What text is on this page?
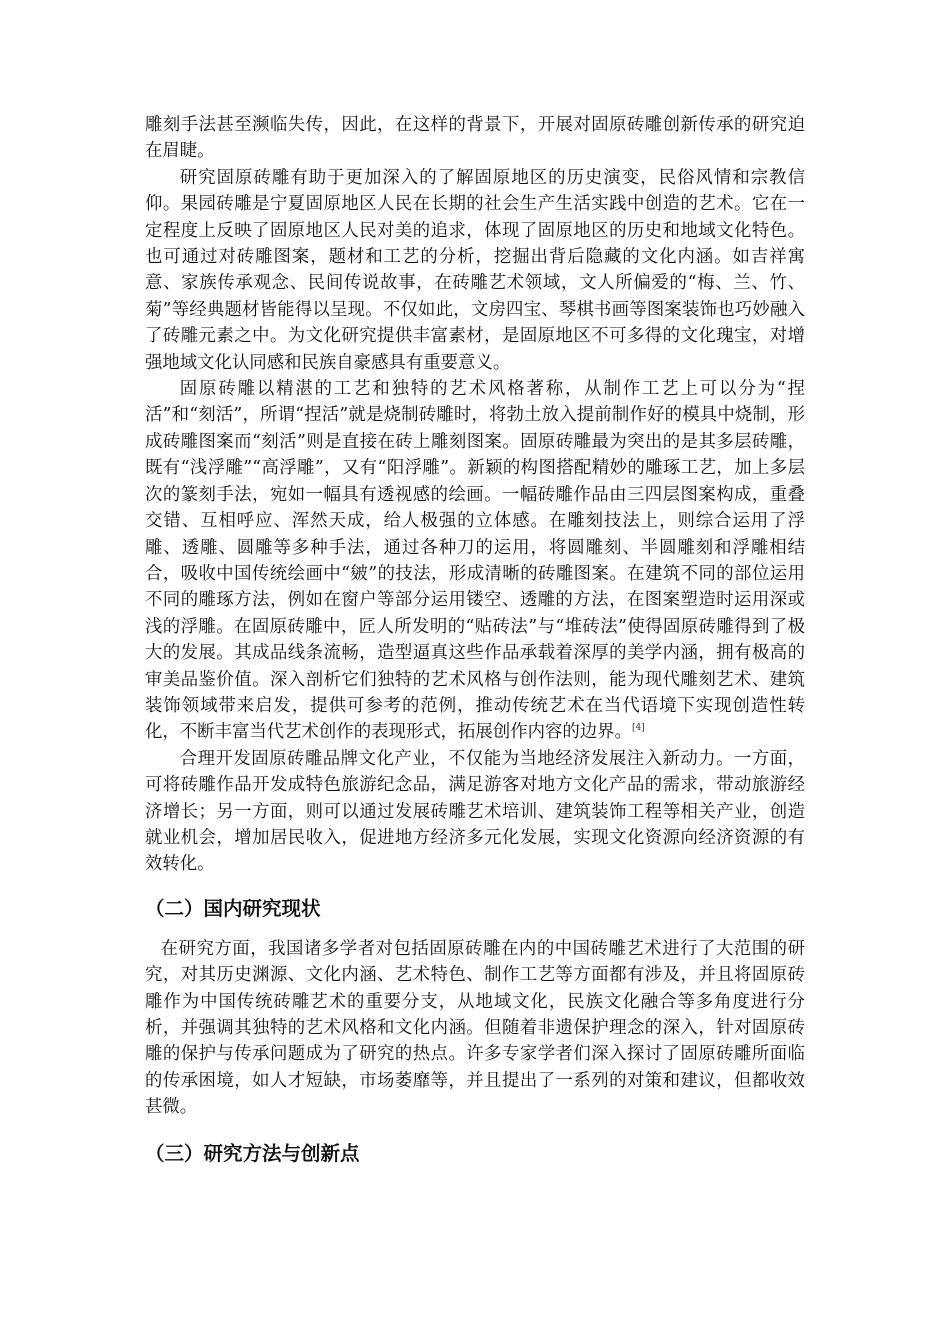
雕刻手法甚至濒临失传，因此，在这样的背景下，开展对固原砖雕创新传承的研究迫在眉睫。

研究固原砖雕有助于更加深入的了解固原地区的历史演变，民俗风情和宗教信仰。果园砖雕是宁夏固原地区人民在长期的社会生产生活实践中创造的艺术。它在一定程度上反映了固原地区人民对美的追求，体现了固原地区的历史和地域文化特色。也可通过对砖雕图案，题材和工艺的分析，挖掘出背后隐藏的文化内涵。如吉祥寓意、家族传承观念、民间传说故事，在砖雕艺术领域，文人所偏爱的“梅、兰、竹、菊”等经典题材皆能得以呈现。不仅如此，文房四宝、琴棋书画等图案装饰也巧妙融入了砖雕元素之中。为文化研究提供丰富素材，是固原地区不可多得的文化瑰宝，对增强地域文化认同感和民族自豪感具有重要意义。

固原砖雕以精湛的工艺和独特的艺术风格著称，从制作工艺上可以分为“捏活”和“刻活”，所谓“捏活”就是烧制砖雕时，将勃土放入提前制作好的模具中烧制，形成砖雕图案而“刻活”则是直接在砖上雕刻图案。固原砖雕最为突出的是其多层砖雕，既有“浅浮雕”“高浮雕”，又有“阳浮雕”。新颖的构图搭配精妙的雕琢工艺，加上多层次的篆刻手法，宛如一幅具有透视感的绘画。一幅砖雕作品由三四层图案构成，重叠交错、互相呼应、浑然天成，给人极强的立体感。在雕刻技法上，则综合运用了浮雕、透雕、圆雕等多种手法，通过各种刀的运用，将圆雕刻、半圆雕刻和浮雕相结合，吸收中国传统绘画中“皴”的技法，形成清晰的砖雕图案。在建筑不同的部位运用不同的雕琢方法，例如在窗户等部分运用镂空、透雕的方法，在图案塑造时运用深或浅的浮雕。在固原砖雕中，匠人所发明的“贴砖法”与“堆砖法”使得固原砖雕得到了极大的发展。其成品线条流畅，造型逼真这些作品承载着深厚的美学内涵，拥有极高的审美品鉴价值。深入剖析它们独特的艺术风格与创作法则，能为现代雕刻艺术、建筑装饰领域带来启发，提供可参考的范例，推动传统艺术在当代语境下实现创造性转化，不断丰富当代艺术创作的表现形式，拓展创作内容的边界。[4]

合理开发固原砖雕品牌文化产业，不仅能为当地经济发展注入新动力。一方面，可将砖雕作品开发成特色旅游纪念品，满足游客对地方文化产品的需求，带动旅游经济增长；另一方面，则可以通过发展砖雕艺术培训、建筑装饰工程等相关产业，创造就业机会，增加居民收入，促进地方经济多元化发展，实现文化资源向经济资源的有效转化。

（二）国内研究现状

在研究方面，我国诸多学者对包括固原砖雕在内的中国砖雕艺术进行了大范围的研究，对其历史渊源、文化内涵、艺术特色、制作工艺等方面都有涉及，并且将固原砖雕作为中国传统砖雕艺术的重要分支，从地域文化，民族文化融合等多角度进行分析，并强调其独特的艺术风格和文化内涵。但随着非遗保护理念的深入，针对固原砖雕的保护与传承问题成为了研究的热点。许多专家学者们深入探讨了固原砖雕所面临的传承困境，如人才短缺，市场萎靡等，并且提出了一系列的对策和建议，但都收效甚微。

（三）研究方法与创新点
